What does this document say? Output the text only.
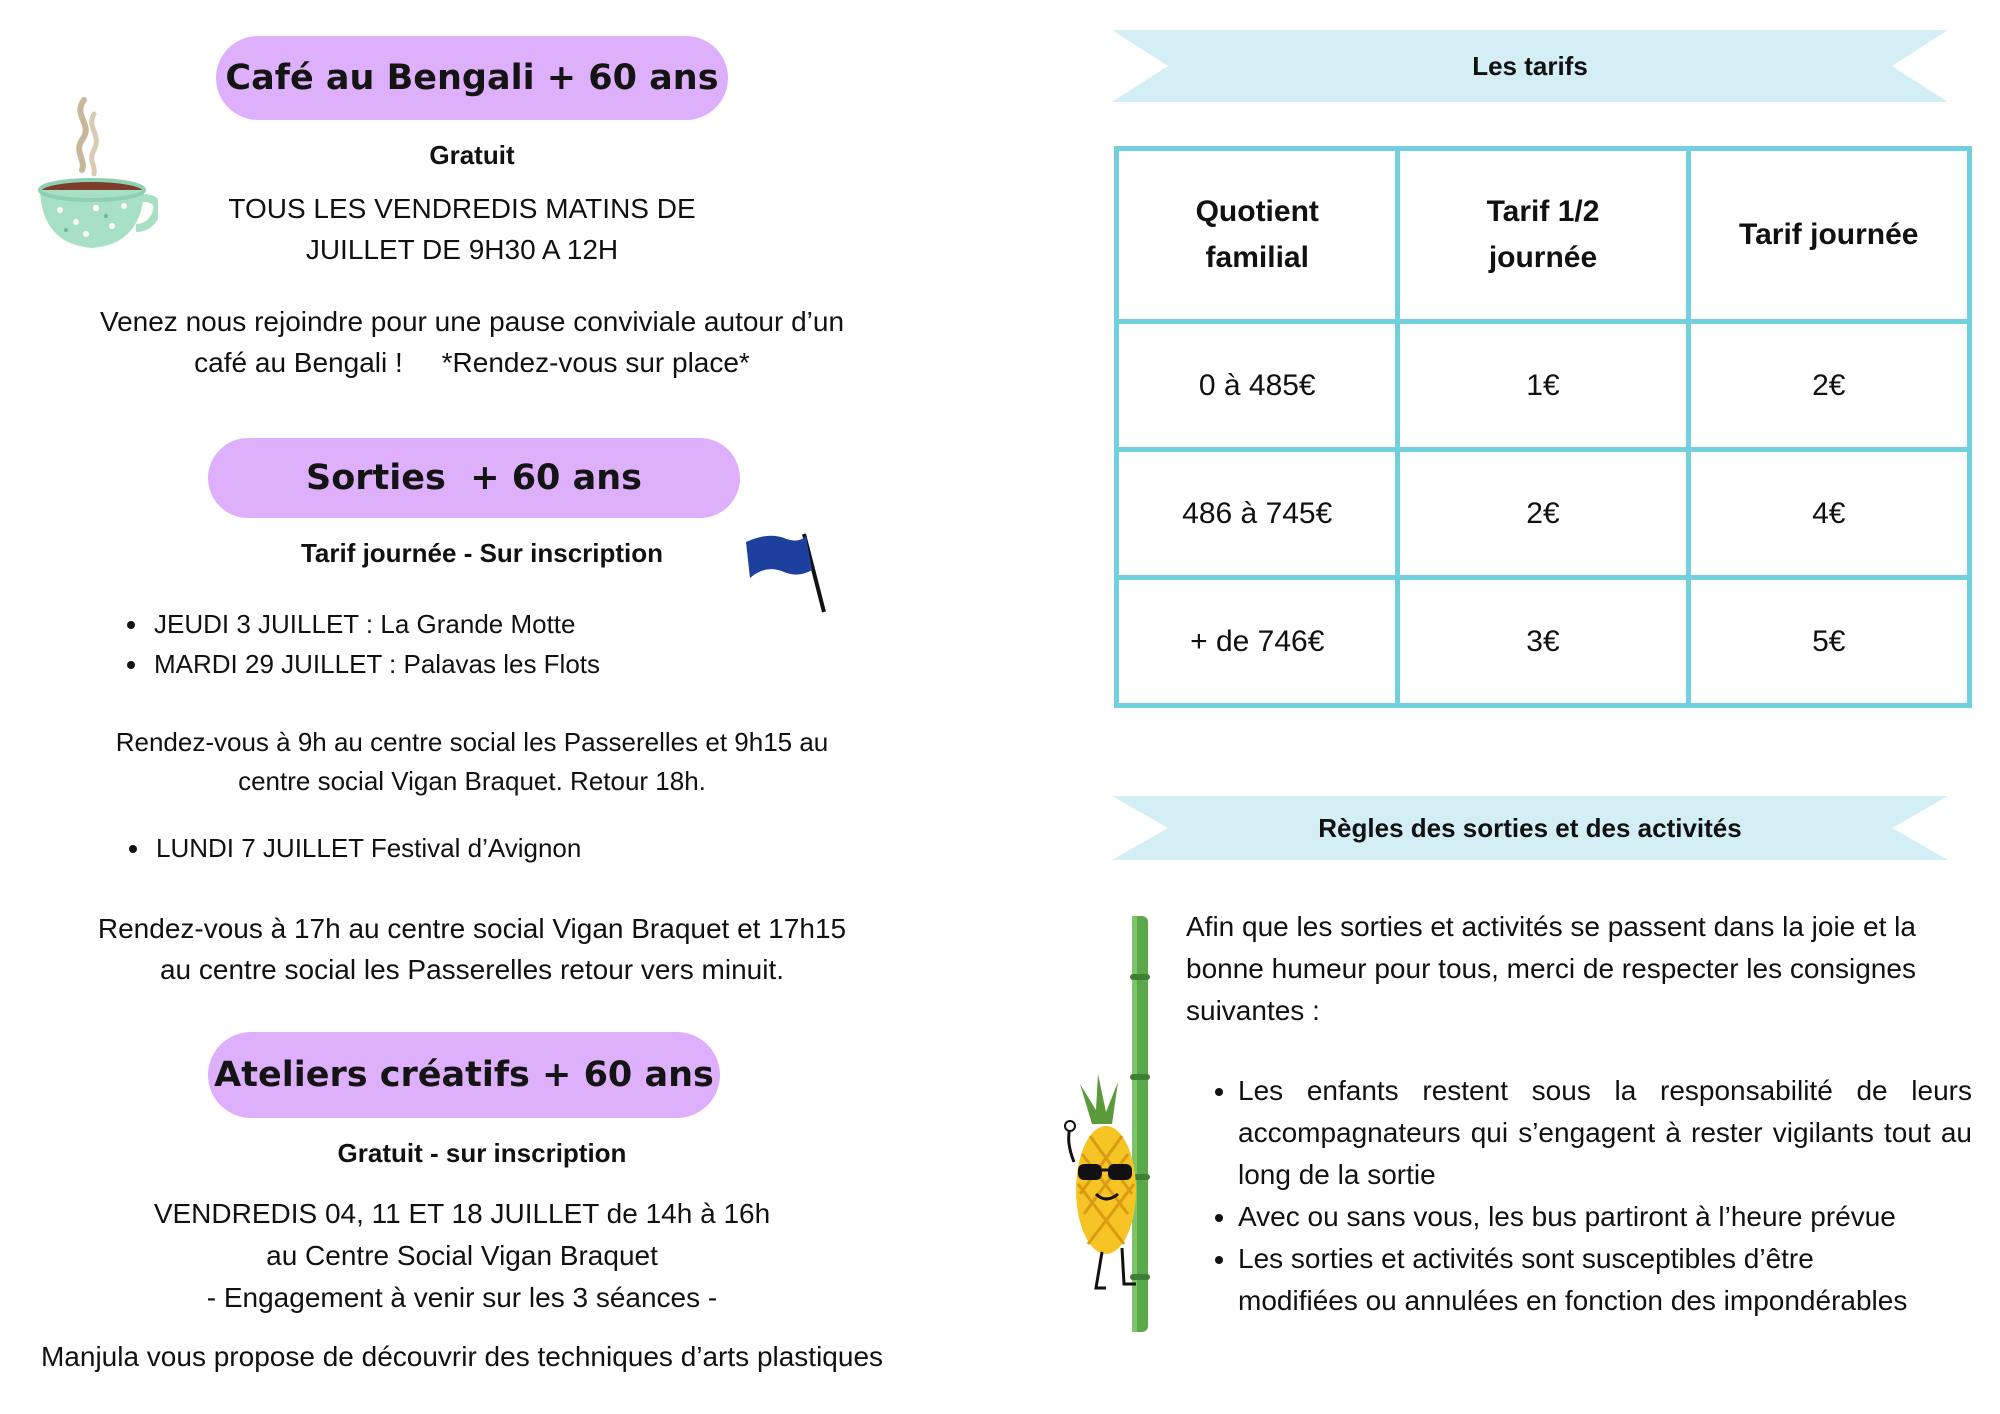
Café au Bengali + 60 ans
Gratuit
TOUS LES VENDREDIS MATINS DE
JUILLET DE 9H30 A 12H
Venez nous rejoindre pour une pause conviviale autour d’un
café au Bengali !     *Rendez-vous sur place*
Sorties  + 60 ans
Tarif journée - Sur inscription
• JEUDI 3 JUILLET : La Grande Motte
• MARDI 29 JUILLET : Palavas les Flots
Rendez-vous à 9h au centre social les Passerelles et 9h15 au
centre social Vigan Braquet. Retour 18h.
• LUNDI 7 JUILLET Festival d’Avignon
Rendez-vous à 17h au centre social Vigan Braquet et 17h15
au centre social les Passerelles retour vers minuit.
Ateliers créatifs + 60 ans
Gratuit - sur inscription
VENDREDIS 04, 11 ET 18 JUILLET de 14h à 16h
au Centre Social Vigan Braquet
- Engagement à venir sur les 3 séances -
Manjula vous propose de découvrir des techniques d’arts plastiques
Les tarifs
Quotient familial	Tarif 1/2 journée	Tarif journée
0 à 485€	1€	2€
486 à 745€	2€	4€
+ de 746€	3€	5€
Règles des sorties et des activités
Afin que les sorties et activités se passent dans la joie et la
bonne humeur pour tous, merci de respecter les consignes
suivantes :
• Les enfants restent sous la responsabilité de leurs accompagnateurs qui s’engagent à rester vigilants tout au long de la sortie
• Avec ou sans vous, les bus partiront à l’heure prévue
• Les sorties et activités sont susceptibles d’être modifiées ou annulées en fonction des impondérables
